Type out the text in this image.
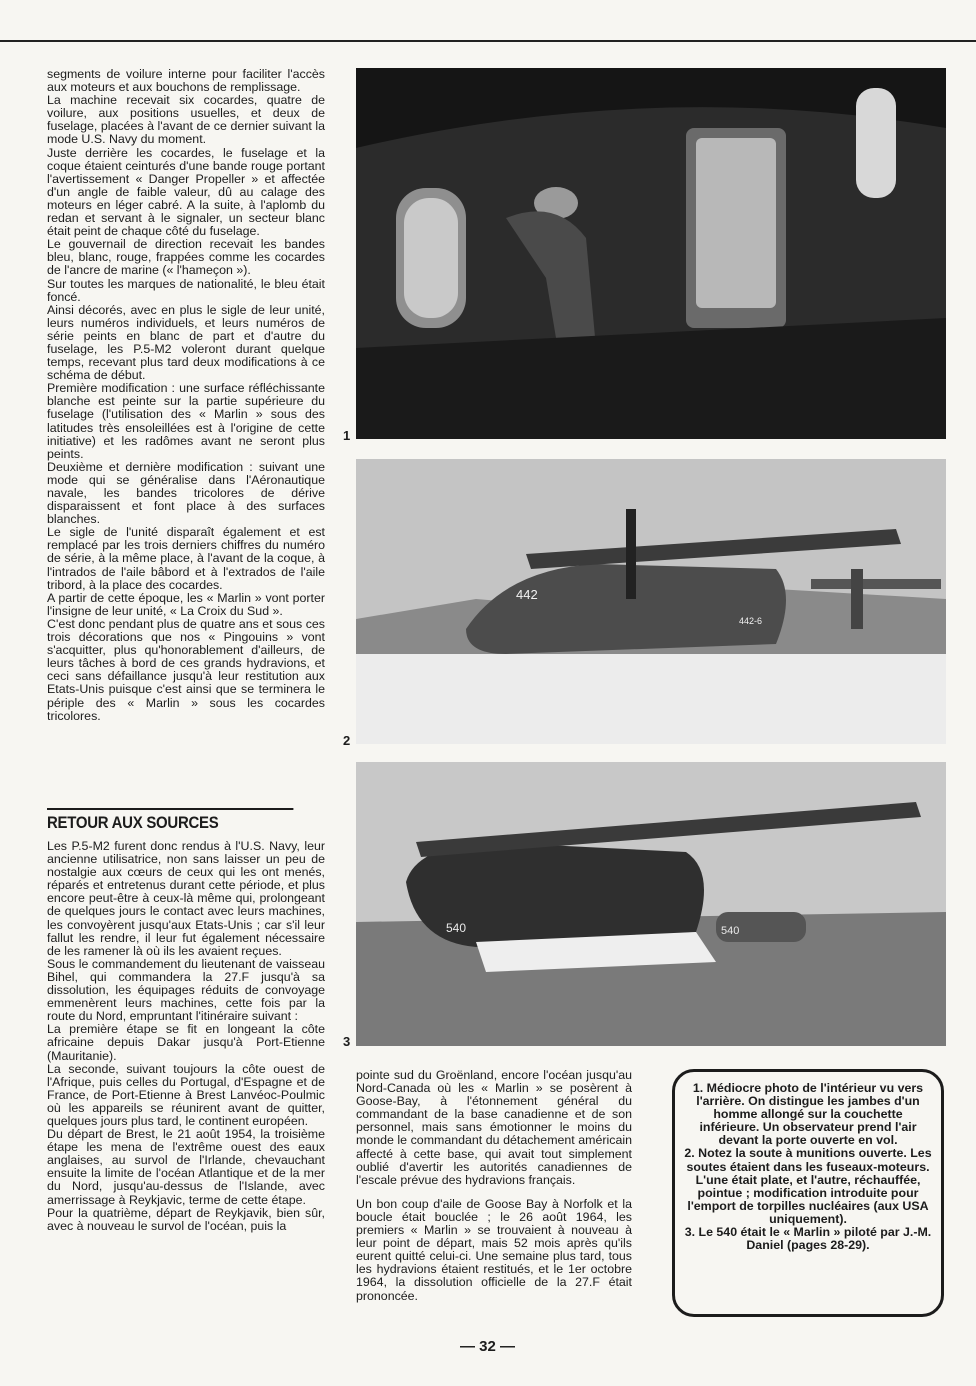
segments de voilure interne pour faciliter l'accès aux moteurs et aux bouchons de remplissage.

La machine recevait six cocardes, quatre de voilure, aux positions usuelles, et deux de fuselage, placées à l'avant de ce dernier suivant la mode U.S. Navy du moment.

Juste derrière les cocardes, le fuselage et la coque étaient ceinturés d'une bande rouge portant l'avertissement « Danger Propeller » et affectée d'un angle de faible valeur, dû au calage des moteurs en léger cabré. A la suite, à l'aplomb du redan et servant à le signaler, un secteur blanc était peint de chaque côté du fuselage.

Le gouvernail de direction recevait les bandes bleu, blanc, rouge, frappées comme les cocardes de l'ancre de marine (« l'hameçon »).

Sur toutes les marques de nationalité, le bleu était foncé.

Ainsi décorés, avec en plus le sigle de leur unité, leurs numéros individuels, et leurs numéros de série peints en blanc de part et d'autre du fuselage, les P.5-M2 voleront durant quelque temps, recevant plus tard deux modifications à ce schéma de début.

Première modification : une surface réfléchissante blanche est peinte sur la partie supérieure du fuselage (l'utilisation des « Marlin » sous des latitudes très ensoleillées est à l'origine de cette initiative) et les radômes avant ne seront plus peints.

Deuxième et dernière modification : suivant une mode qui se généralise dans l'Aéronautique navale, les bandes tricolores de dérive disparaissent et font place à des surfaces blanches.

Le sigle de l'unité disparaît également et est remplacé par les trois derniers chiffres du numéro de série, à la même place, à l'avant de la coque, à l'intrados de l'aile bâbord et à l'extrados de l'aile tribord, à la place des cocardes.

A partir de cette époque, les « Marlin » vont porter l'insigne de leur unité, « La Croix du Sud ».

C'est donc pendant plus de quatre ans et sous ces trois décorations que nos « Pingouins » vont s'acquitter, plus qu'honorablement d'ailleurs, de leurs tâches à bord de ces grands hydravions, et ceci sans défaillance jusqu'à leur restitution aux Etats-Unis puisque c'est ainsi que se terminera le périple des « Marlin » sous les cocardes tricolores.

RETOUR AUX SOURCES

Les P.5-M2 furent donc rendus à l'U.S. Navy, leur ancienne utilisatrice, non sans laisser un peu de nostalgie aux cœurs de ceux qui les ont menés, réparés et entretenus durant cette période, et plus encore peut-être à ceux-là même qui, prolongeant de quelques jours le contact avec leurs machines, les convoyèrent jusqu'aux Etats-Unis ; car s'il leur fallut les rendre, il leur fut également nécessaire de les ramener là où ils les avaient reçues.

Sous le commandement du lieutenant de vaisseau Bihel, qui commandera la 27.F jusqu'à sa dissolution, les équipages réduits de convoyage emmenèrent leurs machines, cette fois par la route du Nord, empruntant l'itinéraire suivant :

La première étape se fit en longeant la côte africaine depuis Dakar jusqu'à Port-Etienne (Mauritanie).

La seconde, suivant toujours la côte ouest de l'Afrique, puis celles du Portugal, d'Espagne et de France, de Port-Etienne à Brest Lanvéoc-Poulmic où les appareils se réunirent avant de quitter, quelques jours plus tard, le continent européen.

Du départ de Brest, le 21 août 1954, la troisième étape les mena de l'extrême ouest des eaux anglaises, au survol de l'Irlande, chevauchant ensuite la limite de l'océan Atlantique et de la mer du Nord, jusqu'au-dessus de l'Islande, avec amerrissage à Reykjavic, terme de cette étape.

Pour la quatrième, départ de Reykjavik, bien sûr, avec à nouveau le survol de l'océan, puis la

1
442
442-6
2
540	540
3

pointe sud du Groënland, encore l'océan jusqu'au Nord-Canada où les « Marlin » se posèrent à Goose-Bay, à l'étonnement général du commandant de la base canadienne et de son personnel, mais sans émotionner le moins du monde le commandant du détachement américain affecté à cette base, qui avait tout simplement oublié d'avertir les autorités canadiennes de l'escale prévue des hydravions français.

Un bon coup d'aile de Goose Bay à Norfolk et la boucle était bouclée ; le 26 août 1964, les premiers « Marlin » se trouvaient à nouveau à leur point de départ, mais 52 mois après qu'ils eurent quitté celui-ci. Une semaine plus tard, tous les hydravions étaient restitués, et le 1er octobre 1964, la dissolution officielle de la 27.F était prononcée.

1. Médiocre photo de l'intérieur vu vers l'arrière. On distingue les jambes d'un homme allongé sur la couchette inférieure. Un observateur prend l'air devant la porte ouverte en vol.

2. Notez la soute à munitions ouverte. Les soutes étaient dans les fuseaux-moteurs. L'une était plate, et l'autre, réchauffée, pointue ; modification introduite pour l'emport de torpilles nucléaires (aux USA uniquement).

3. Le 540 était le « Marlin » piloté par J.-M. Daniel (pages 28-29).

— 32 —
